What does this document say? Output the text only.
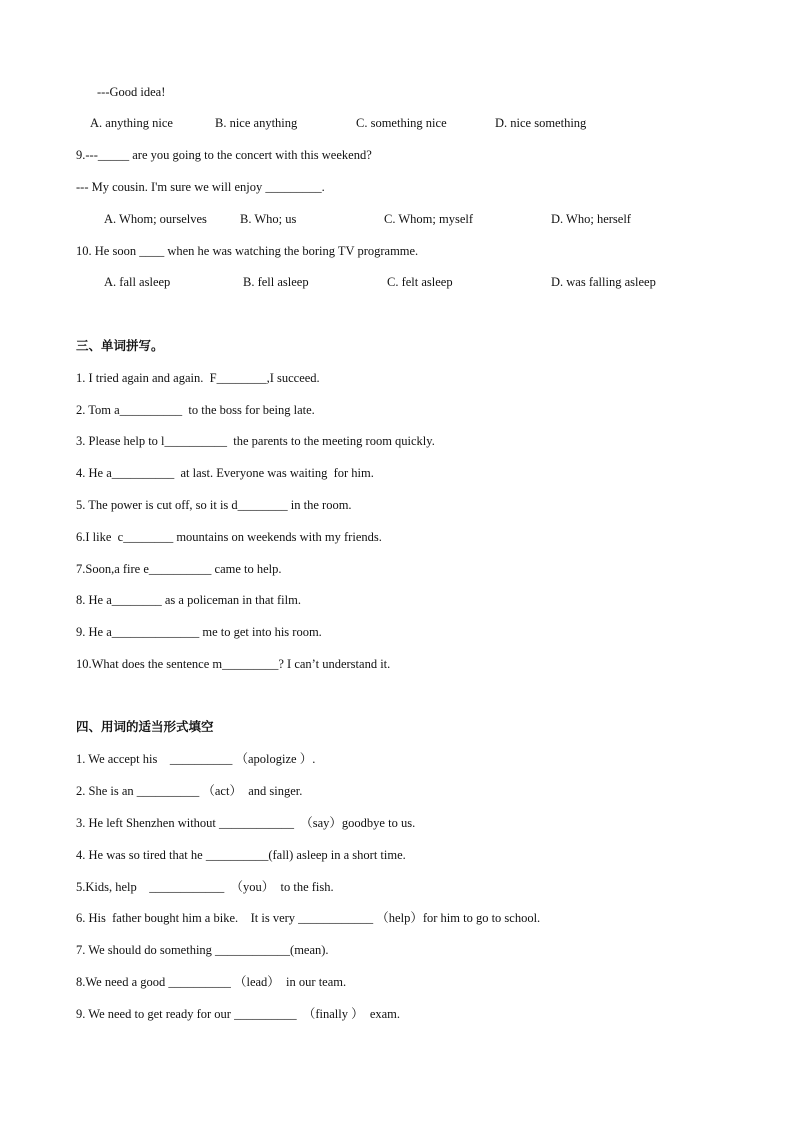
---Good idea!
A. anything nice	B. nice anything	C. something nice	D. nice something
9.---_____ are you going to the concert with this weekend?
--- My cousin. I'm sure we will enjoy _________.
A. Whom; ourselves	B. Who; us	C. Whom; myself	D. Who; herself
10. He soon ____ when he was watching the boring TV programme.
A. fall asleep	B. fell asleep	C. felt asleep	D. was falling asleep
三、单词拼写。
1. I tried again and again.  F________,I succeed.
2. Tom a__________  to the boss for being late.
3. Please help to l__________  the parents to the meeting room quickly.
4. He a__________  at last. Everyone was waiting  for him.
5. The power is cut off, so it is d________ in the room.
6.I like  c________ mountains on weekends with my friends.
7.Soon,a fire e__________ came to help.
8. He a________ as a policeman in that film.
9. He a______________ me to get into his room.
10.What does the sentence m_________? I can’t understand it.
四、用词的适当形式填空
1. We accept his    __________ （apologize ）.
2. She is an __________ （act）  and singer.
3. He left Shenzhen without ____________  （say）goodbye to us.
4. He was so tired that he __________(fall) asleep in a short time.
5.Kids, help    ____________  （you）  to the fish.
6. His  father bought him a bike.    It is very ____________ （help）for him to go to school.
7. We should do something ____________(mean).
8.We need a good __________ （lead）  in our team.
9. We need to get ready for our __________  （finally ）  exam.
